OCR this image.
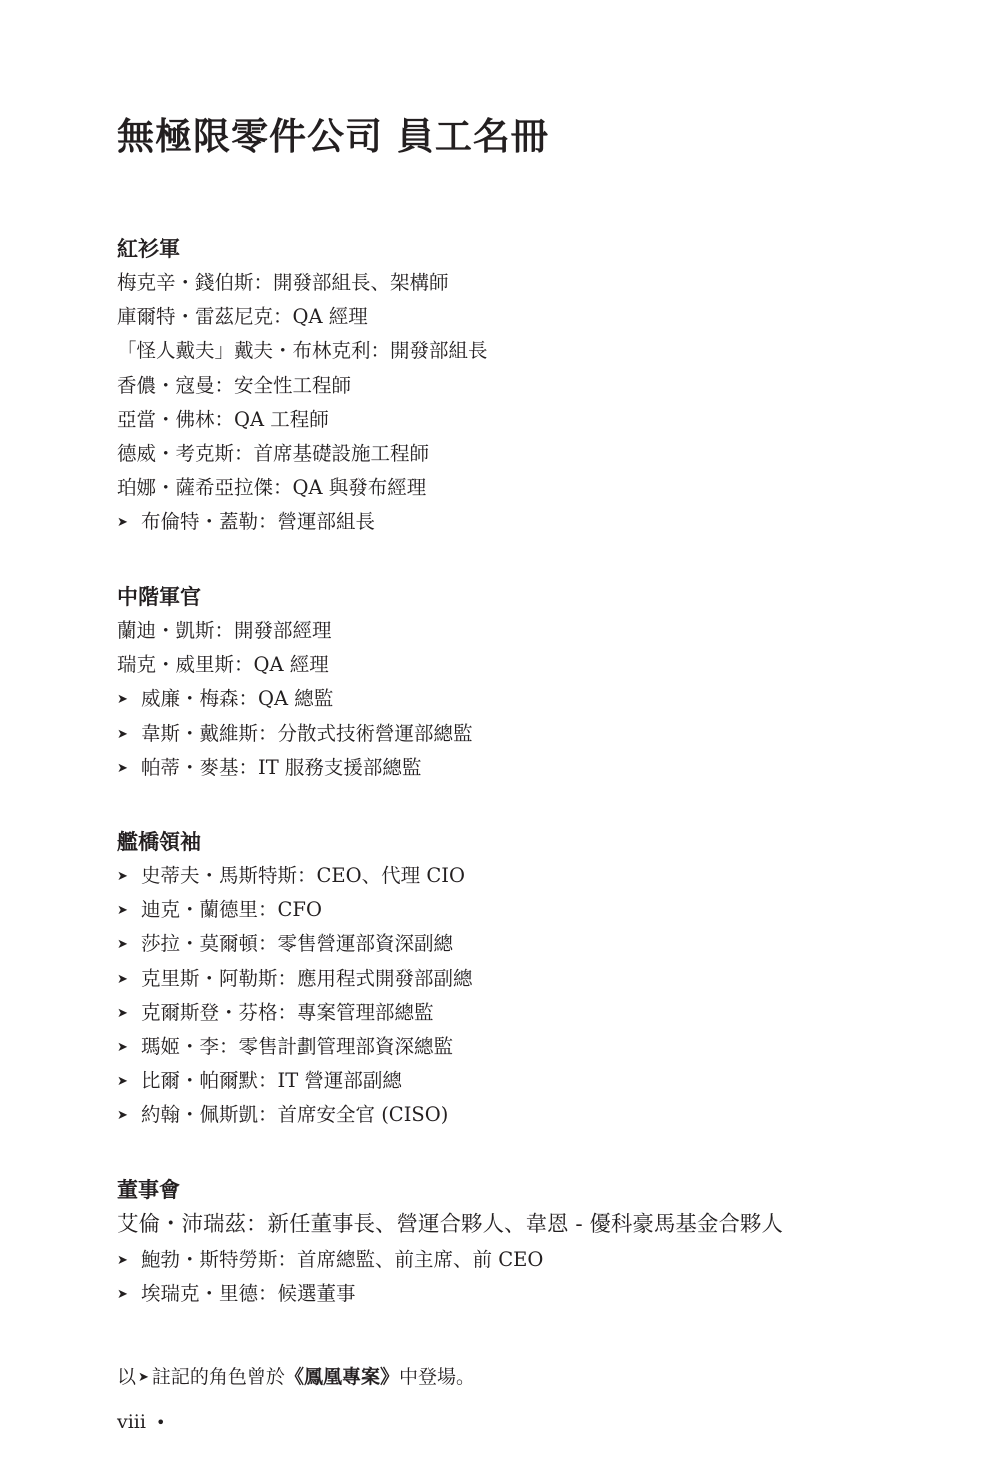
無極限零件公司 員工名冊
紅衫軍
梅克辛・錢伯斯：開發部組長、架構師
庫爾特・雷茲尼克：QA 經理
「怪人戴夫」戴夫・布林克利：開發部組長
香儂・寇曼：安全性工程師
亞當・佛林：QA 工程師
德威・考克斯：首席基礎設施工程師
珀娜・薩希亞拉傑：QA 與發布經理
➤ 布倫特・蓋勒：營運部組長
中階軍官
蘭迪・凱斯：開發部經理
瑞克・威里斯：QA 經理
➤ 威廉・梅森：QA 總監
➤ 韋斯・戴維斯：分散式技術營運部總監
➤ 帕蒂・麥基：IT 服務支援部總監
艦橋領袖
➤ 史蒂夫・馬斯特斯：CEO、代理 CIO
➤ 迪克・蘭德里：CFO
➤ 莎拉・莫爾頓：零售營運部資深副總
➤ 克里斯・阿勒斯：應用程式開發部副總
➤ 克爾斯登・芬格：專案管理部總監
➤ 瑪姬・李：零售計劃管理部資深總監
➤ 比爾・帕爾默：IT 營運部副總
➤ 約翰・佩斯凱：首席安全官 (CISO)
董事會
艾倫・沛瑞茲：新任董事長、營運合夥人、韋恩 - 優科豪馬基金合夥人
➤ 鮑勃・斯特勞斯：首席總監、前主席、前 CEO
➤ 埃瑞克・里德：候選董事

以 ➤ 註記的角色曾於《鳳凰專案》中登場。

viii •
